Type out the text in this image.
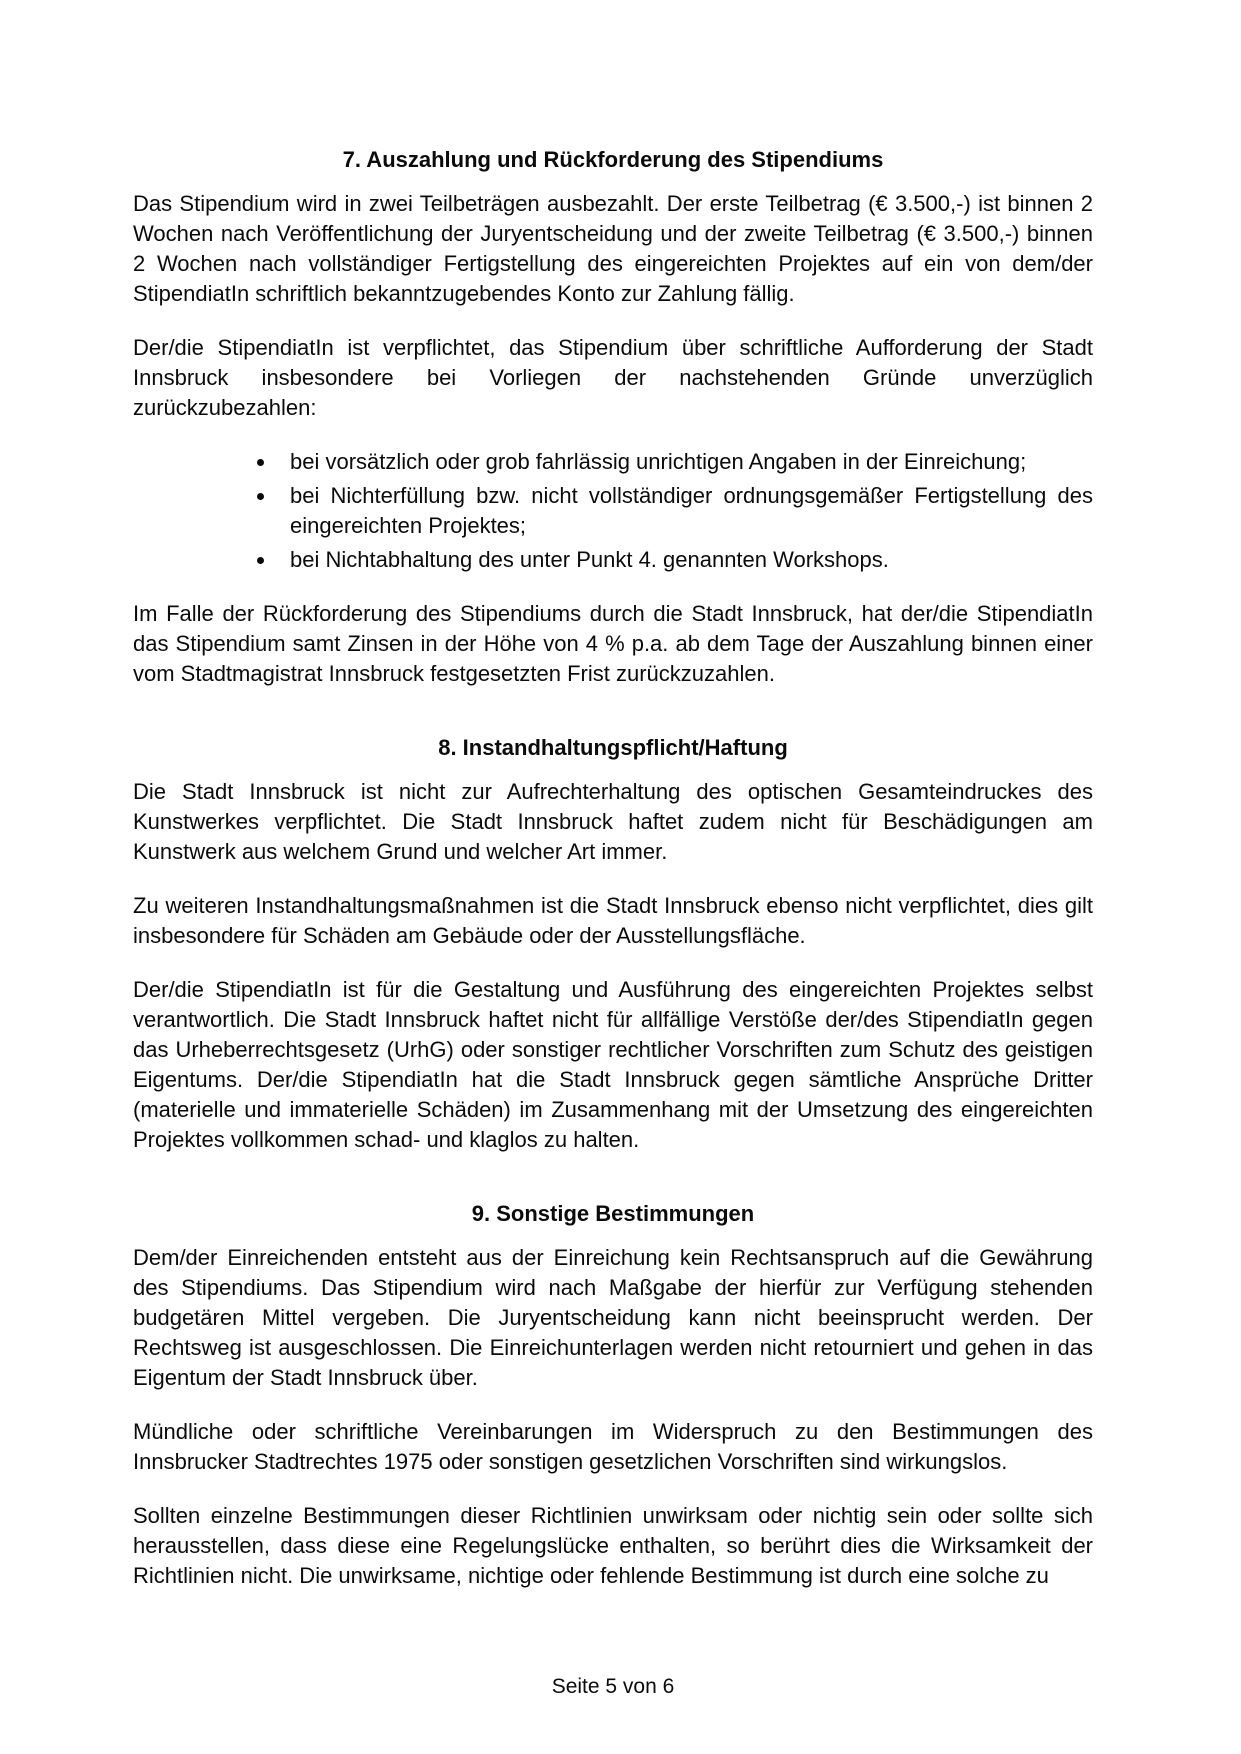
7. Auszahlung und Rückforderung des Stipendiums

Das Stipendium wird in zwei Teilbeträgen ausbezahlt. Der erste Teilbetrag (€ 3.500,-) ist binnen 2 Wochen nach Veröffentlichung der Juryentscheidung und der zweite Teilbetrag (€ 3.500,-) binnen 2 Wochen nach vollständiger Fertigstellung des eingereichten Projektes auf ein von dem/der StipendiatIn schriftlich bekanntzugebendes Konto zur Zahlung fällig.

Der/die StipendiatIn ist verpflichtet, das Stipendium über schriftliche Aufforderung der Stadt Innsbruck insbesondere bei Vorliegen der nachstehenden Gründe unverzüglich zurückzubezahlen:

bei vorsätzlich oder grob fahrlässig unrichtigen Angaben in der Einreichung;
bei Nichterfüllung bzw. nicht vollständiger ordnungsgemäßer Fertigstellung des eingereichten Projektes;
bei Nichtabhaltung des unter Punkt 4. genannten Workshops.

Im Falle der Rückforderung des Stipendiums durch die Stadt Innsbruck, hat der/die StipendiatIn das Stipendium samt Zinsen in der Höhe von 4 % p.a. ab dem Tage der Auszahlung binnen einer vom Stadtmagistrat Innsbruck festgesetzten Frist zurückzuzahlen.

8. Instandhaltungspflicht/Haftung

Die Stadt Innsbruck ist nicht zur Aufrechterhaltung des optischen Gesamteindruckes des Kunstwerkes verpflichtet. Die Stadt Innsbruck haftet zudem nicht für Beschädigungen am Kunstwerk aus welchem Grund und welcher Art immer.

Zu weiteren Instandhaltungsmaßnahmen ist die Stadt Innsbruck ebenso nicht verpflichtet, dies gilt insbesondere für Schäden am Gebäude oder der Ausstellungsfläche.

Der/die StipendiatIn ist für die Gestaltung und Ausführung des eingereichten Projektes selbst verantwortlich. Die Stadt Innsbruck haftet nicht für allfällige Verstöße der/des StipendiatIn gegen das Urheberrechtsgesetz (UrhG) oder sonstiger rechtlicher Vorschriften zum Schutz des geistigen Eigentums. Der/die StipendiatIn hat die Stadt Innsbruck gegen sämtliche Ansprüche Dritter (materielle und immaterielle Schäden) im Zusammenhang mit der Umsetzung des eingereichten Projektes vollkommen schad- und klaglos zu halten.

9. Sonstige Bestimmungen

Dem/der Einreichenden entsteht aus der Einreichung kein Rechtsanspruch auf die Gewährung des Stipendiums. Das Stipendium wird nach Maßgabe der hierfür zur Verfügung stehenden budgetären Mittel vergeben. Die Juryentscheidung kann nicht beeinsprucht werden. Der Rechtsweg ist ausgeschlossen. Die Einreichunterlagen werden nicht retourniert und gehen in das Eigentum der Stadt Innsbruck über.

Mündliche oder schriftliche Vereinbarungen im Widerspruch zu den Bestimmungen des Innsbrucker Stadtrechtes 1975 oder sonstigen gesetzlichen Vorschriften sind wirkungslos.

Sollten einzelne Bestimmungen dieser Richtlinien unwirksam oder nichtig sein oder sollte sich herausstellen, dass diese eine Regelungslücke enthalten, so berührt dies die Wirksamkeit der Richtlinien nicht. Die unwirksame, nichtige oder fehlende Bestimmung ist durch eine solche zu

Seite 5 von 6
